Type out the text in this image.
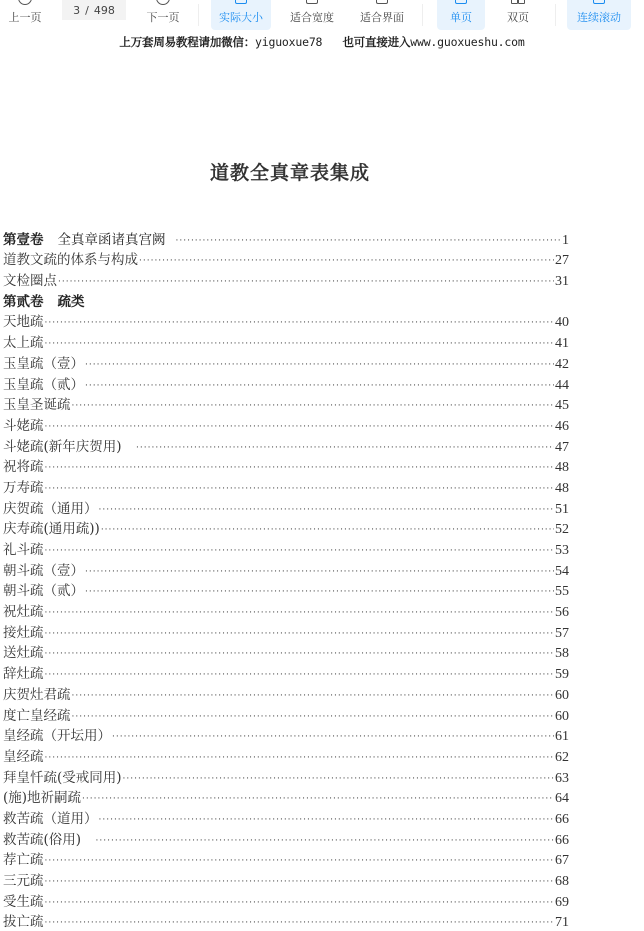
上一页
3 / 498
下一页	实际大小 适合宽度 适合界面	单页	双页	连续滚动
上万套周易教程请加微信：yiguoxue78 也可直接进入www.guoxueshu.com
道教全真章表集成
第壹卷 全真章函诸真宫阙 ·····	1
道教文疏的体系与构成 ·····	27
文检圈点 ·····	31
第贰卷 疏类
天地疏 ·····	40
太上疏 ·····	41
玉皇疏（壹） ·····	42
玉皇疏（贰） ·····	44
玉皇圣诞疏 ·····	45
斗姥疏 ·····	46
斗姥疏(新年庆贺用)　 ·····	47
祝将疏 ·····	48
万寿疏 ·····	48
庆贺疏（通用） ·····	51
庆寿疏(通用疏)) ·····	52
礼斗疏 ·····	53
朝斗疏（壹） ·····	54
朝斗疏（贰） ·····	55
祝灶疏 ·····	56
接灶疏 ·····	57
送灶疏 ·····	58
辞灶疏 ·····	59
庆贺灶君疏 ·····	60
度亡皇经疏 ·····	60
皇经疏（开坛用） ·····	61
皇经疏 ·····	62
拜皇忏疏(受戒同用) ·····	63
(施)地祈嗣疏 ·····	64
救苦疏（道用） ·····	66
救苦疏(俗用)　 ·····	66
荐亡疏 ·····	67
三元疏 ·····	68
受生疏 ·····	69
拔亡疏 ·····	71
